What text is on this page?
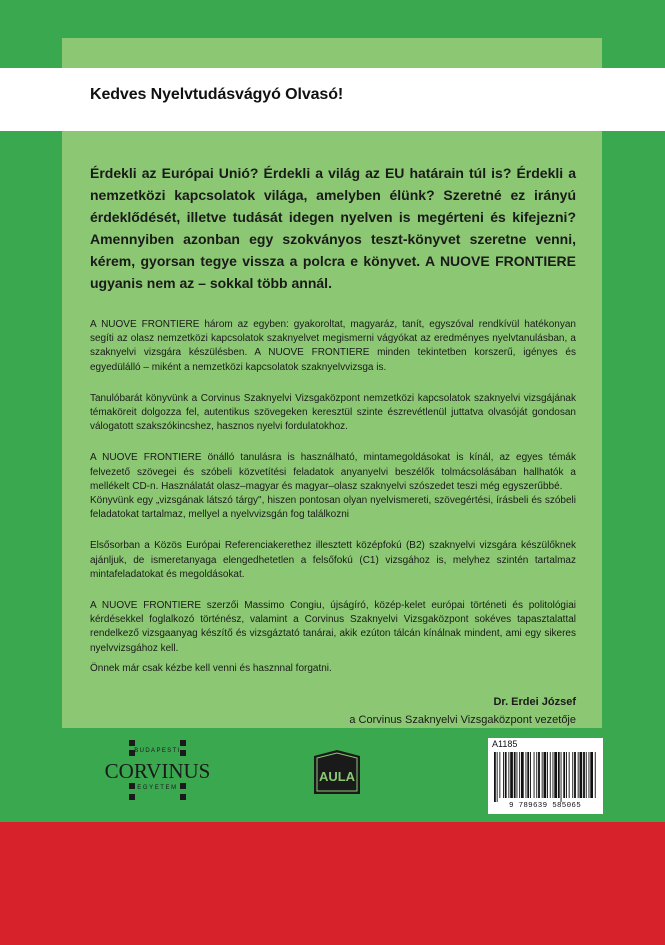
Kedves Nyelvtudásvágyó Olvasó!

Érdekli az Európai Unió? Érdekli a világ az EU határain túl is? Érdekli a nemzetközi kapcsolatok világa, amelyben élünk? Szeretné ez irányú érdeklődését, illetve tudását idegen nyelven is megérteni és kifejezni? Amennyiben azonban egy szokványos teszt-könyvet szeretne venni, kérem, gyorsan tegye vissza a polcra e könyvet. A NUOVE FRONTIERE ugyanis nem az – sokkal több annál.

A NUOVE FRONTIERE három az egyben: gyakoroltat, magyaráz, tanít, egyszóval rendkívül hatékonyan segíti az olasz nemzetközi kapcsolatok szaknyelvet megismerni vágyókat az eredményes nyelvtanulásban, a szaknyelvi vizsgára készülésben. A NUOVE FRONTIERE minden tekintetben korszerű, igényes és egyedülálló – miként a nemzetközi kapcsolatok szaknyelvvizsga is.

Tanulóbarát könyvünk a Corvinus Szaknyelvi Vizsgaközpont nemzetközi kapcsolatok szaknyelvi vizsgájának témaköreit dolgozza fel, autentikus szövegeken keresztül szinte észrevétlenül juttatva olvasóját gondosan válogatott szakszókincshez, hasznos nyelvi fordulatokhoz.

A NUOVE FRONTIERE önálló tanulásra is használható, mintamegoldásokat is kínál, az egyes témák felvezető szövegei és szóbeli közvetítési feladatok anyanyelvi beszélők tolmácsolásában hallhatók a mellékelt CD-n. Használatát olasz–magyar és magyar–olasz szaknyelvi szószedet teszi még egyszerűbbé.
Könyvünk egy „vizsgának látszó tárgy", hiszen pontosan olyan nyelvismereti, szövegértési, írásbeli és szóbeli feladatokat tartalmaz, mellyel a nyelvvizsgán fog találkozni

Elsősorban a Közös Európai Referenciakerethez illesztett középfokú (B2) szaknyelvi vizsgára készülőknek ajánljuk, de ismeretanyaga elengedhetetlen a felsőfokú (C1) vizsgához is, melyhez szintén tartalmaz mintafeladatokat és megoldásokat.

A NUOVE FRONTIERE szerzői Massimo Congiu, újságíró, közép-kelet európai történeti és politológiai kérdésekkel foglalkozó történész, valamint a Corvinus Szaknyelvi Vizsgaközpont sokéves tapasztalattal rendelkező vizsgaanyag készítő és vizsgáztató tanárai, akik ezúton tálcán kínálnak mindent, ami egy sikeres nyelvvizsgához kell.

Önnek már csak kézbe kell venni és hasznnal forgatni.

Dr. Erdei József
a Corvinus Szaknyelvi Vizsgaközpont vezetője
BUDAPESTI
CORVINUS
EGYETEM
AULA
A1185
9 789639 585065
